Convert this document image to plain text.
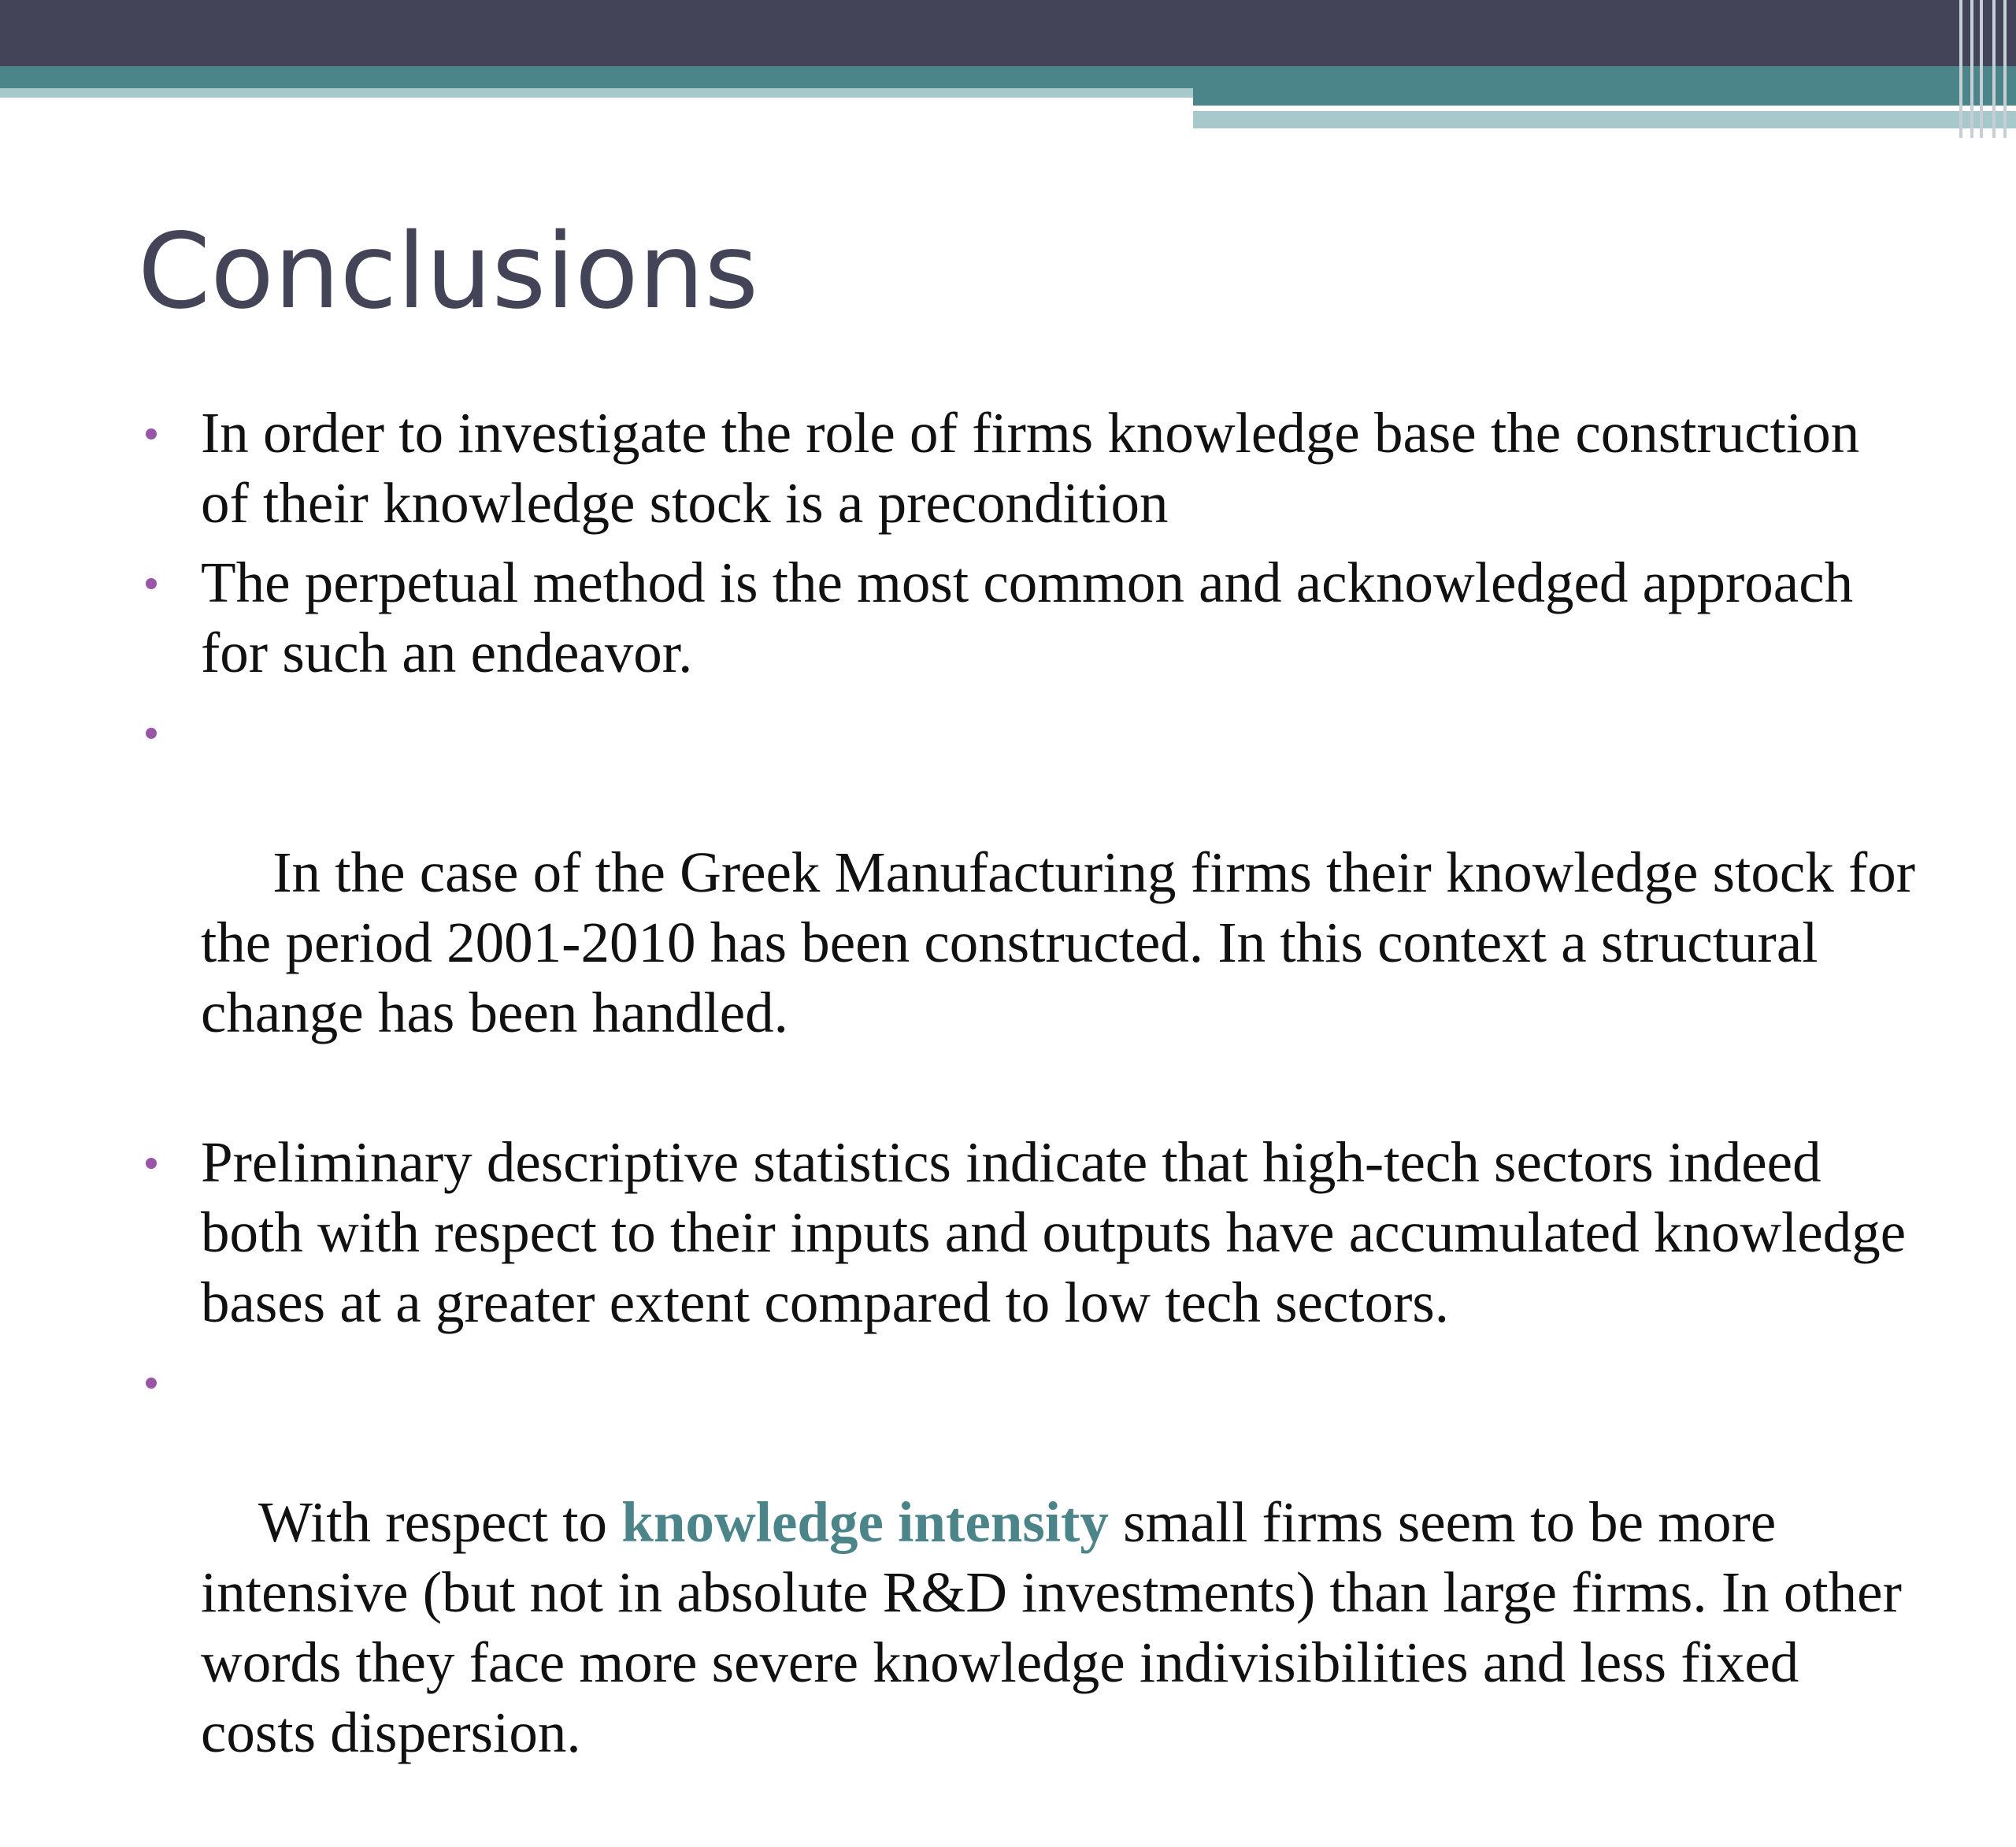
Conclusions
In order to investigate the role of firms knowledge base the construction of their knowledge stock is a precondition
The perpetual method is the most common and acknowledged approach for such an endeavor.

In the case of the Greek Manufacturing firms their knowledge stock for the period 2001-2010 has been constructed. In this context a structural change has been handled.

Preliminary descriptive statistics indicate that high-tech sectors indeed both with respect to their inputs and outputs have accumulated knowledge bases at a greater extent compared to low tech sectors.

With respect to knowledge intensity small firms seem to be more intensive (but not in absolute R&D investments) than large firms. In other words they face more severe knowledge indivisibilities and less fixed costs dispersion.
